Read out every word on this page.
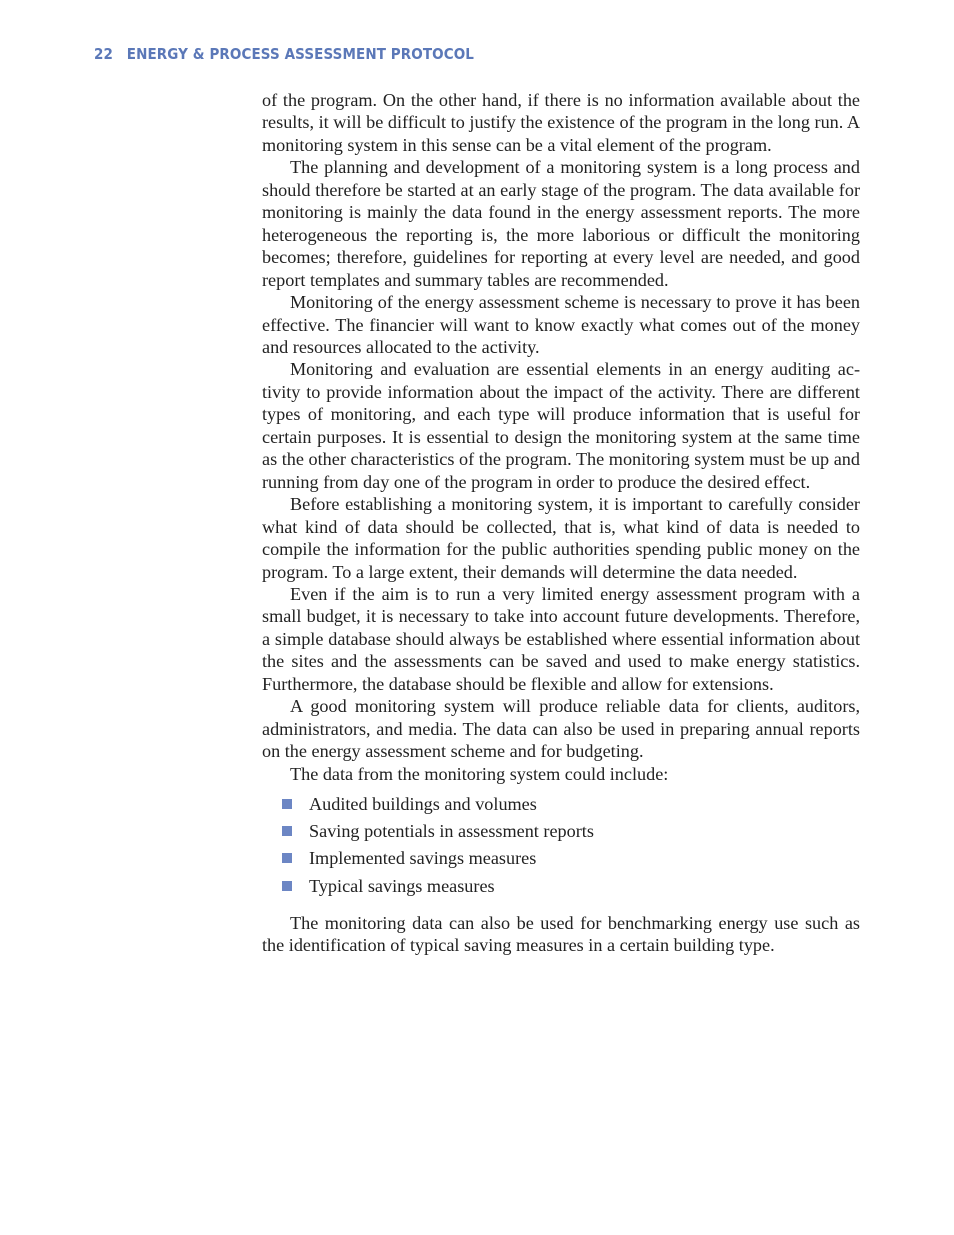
22 ENERGY & PROCESS ASSESSMENT PROTOCOL

of the program. On the other hand, if there is no information available about the results, it will be difficult to justify the existence of the program in the long run. A monitoring system in this sense can be a vital element of the program.

The planning and development of a monitoring system is a long process and should therefore be started at an early stage of the program. The data available for monitoring is mainly the data found in the energy assessment reports. The more heterogeneous the reporting is, the more laborious or difficult the monitoring becomes; therefore, guidelines for reporting at every level are needed, and good report templates and summary tables are recommended.

Monitoring of the energy assessment scheme is necessary to prove it has been effective. The financier will want to know exactly what comes out of the money and resources allocated to the activity.

Monitoring and evaluation are essential elements in an energy auditing activity to provide information about the impact of the activity. There are different types of monitoring, and each type will produce information that is useful for certain purposes. It is essential to design the monitoring system at the same time as the other characteristics of the program. The monitoring system must be up and running from day one of the program in order to produce the desired effect.

Before establishing a monitoring system, it is important to carefully consider what kind of data should be collected, that is, what kind of data is needed to compile the information for the public authorities spending public money on the program. To a large extent, their demands will determine the data needed.

Even if the aim is to run a very limited energy assessment program with a small budget, it is necessary to take into account future developments. Therefore, a simple database should always be established where essential information about the sites and the assessments can be saved and used to make energy statistics. Furthermore, the database should be flexible and allow for extensions.

A good monitoring system will produce reliable data for clients, auditors, administrators, and media. The data can also be used in preparing annual reports on the energy assessment scheme and for budgeting.

The data from the monitoring system could include:

Audited buildings and volumes
Saving potentials in assessment reports
Implemented savings measures
Typical savings measures

The monitoring data can also be used for benchmarking energy use such as the identification of typical saving measures in a certain building type.
